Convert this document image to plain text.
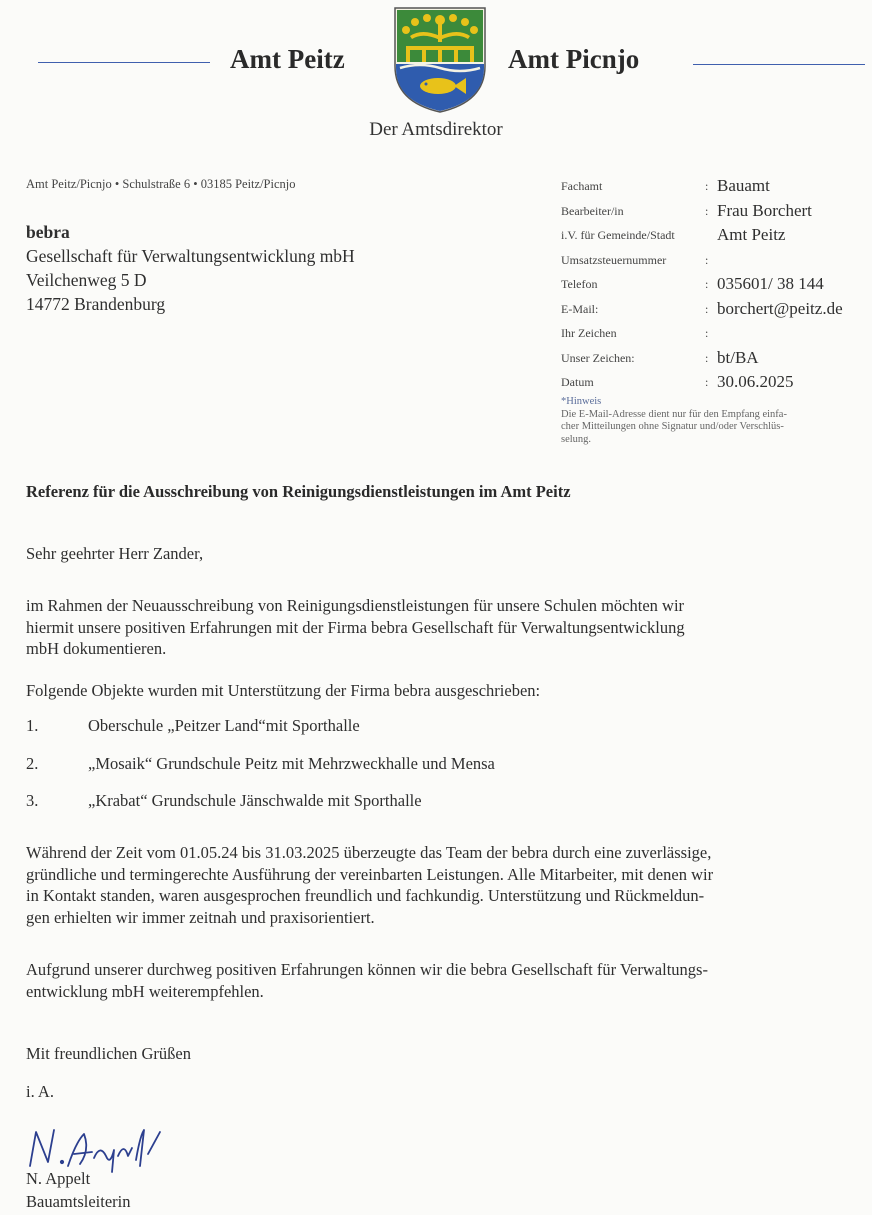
Amt Peitz	Amt Picnjo
Der Amtsdirektor
Amt Peitz/Picnjo • Schulstraße 6 • 03185 Peitz/Picnjo
bebra
Gesellschaft für Verwaltungsentwicklung mbH
Veilchenweg 5 D
14772 Brandenburg
Fachamt	: Bauamt
Bearbeiter/in	: Frau Borchert
i.V. für Gemeinde/Stadt Amt Peitz
Umsatzsteuernummer	:
Telefon	: 035601/ 38 144
E-Mail:	: borchert@peitz.de
Ihr Zeichen	:
Unser Zeichen:	: bt/BA
Datum	: 30.06.2025
*Hinweis
Die E-Mail-Adresse dient nur für den Empfang einfa-
cher Mitteilungen ohne Signatur und/oder Verschlüs-
selung.
Referenz für die Ausschreibung von Reinigungsdienstleistungen im Amt Peitz
Sehr geehrter Herr Zander,
im Rahmen der Neuausschreibung von Reinigungsdienstleistungen für unsere Schulen möchten wir
hiermit unsere positiven Erfahrungen mit der Firma bebra Gesellschaft für Verwaltungsentwicklung
mbH dokumentieren.
Folgende Objekte wurden mit Unterstützung der Firma bebra ausgeschrieben:
1.	Oberschule „Peitzer Land“mit Sporthalle
2.	„Mosaik“ Grundschule Peitz mit Mehrzweckhalle und Mensa
3.	„Krabat“ Grundschule Jänschwalde mit Sporthalle
Während der Zeit vom 01.05.24 bis 31.03.2025 überzeugte das Team der bebra durch eine zuverlässige,
gründliche und termingerechte Ausführung der vereinbarten Leistungen. Alle Mitarbeiter, mit denen wir
in Kontakt standen, waren ausgesprochen freundlich und fachkundig. Unterstützung und Rückmeldun-
gen erhielten wir immer zeitnah und praxisorientiert.
Aufgrund unserer durchweg positiven Erfahrungen können wir die bebra Gesellschaft für Verwaltungs-
entwicklung mbH weiterempfehlen.
Mit freundlichen Grüßen
i. A.
N. Appelt
Bauamtsleiterin
